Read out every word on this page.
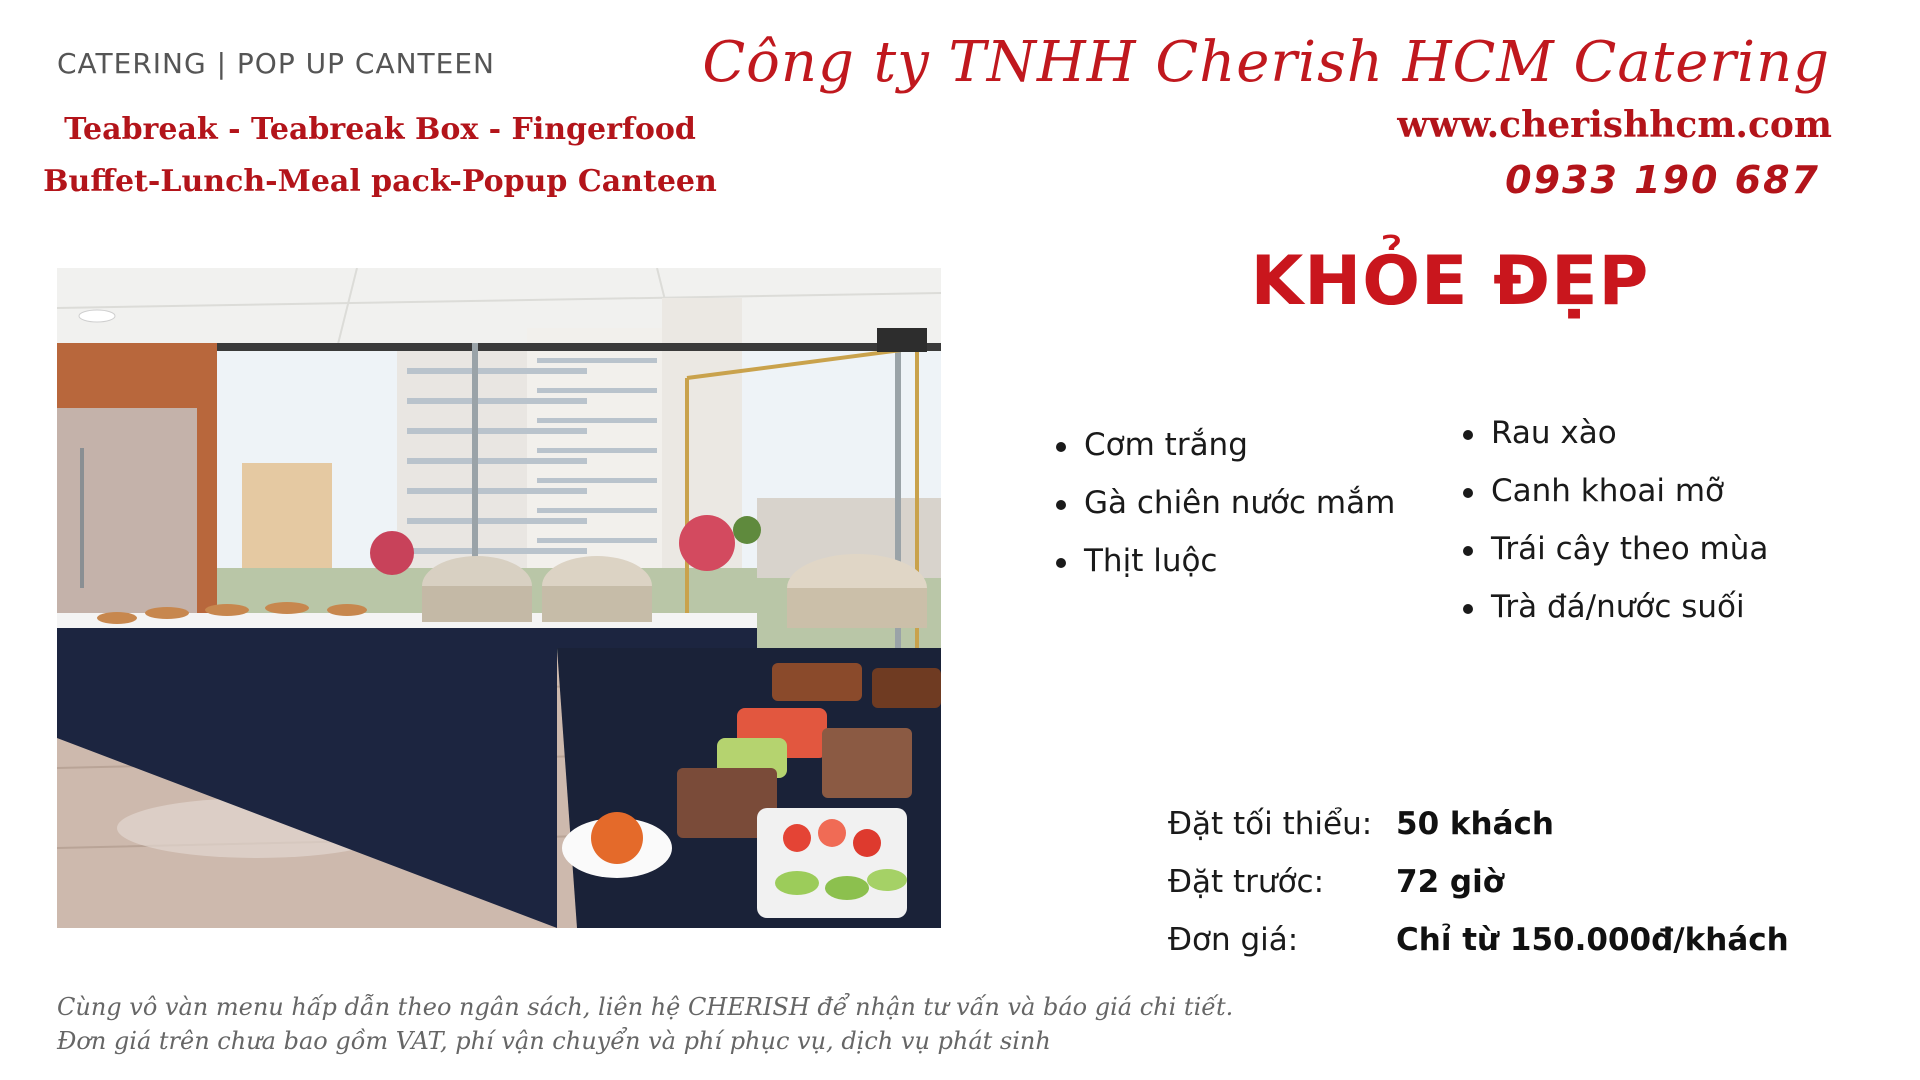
CATERING | POP UP CANTEEN
Teabreak - Teabreak Box - Fingerfood
Buffet-Lunch-Meal pack-Popup Canteen
Công ty TNHH Cherish HCM Catering
www.cherishhcm.com
0933 190 687
KHỎE ĐẸP
Cơm trắng
Gà chiên nước mắm
Thịt luộc
Rau xào
Canh khoai mỡ
Trái cây theo mùa
Trà đá/nước suối
Đặt tối thiểu: 50 khách
Đặt trước:	72 giờ
Đơn giá:	Chỉ từ 150.000đ/khách
Cùng vô vàn menu hấp dẫn theo ngân sách, liên hệ CHERISH để nhận tư vấn và báo giá chi tiết.
Đơn giá trên chưa bao gồm VAT, phí vận chuyển và phí phục vụ, dịch vụ phát sinh
